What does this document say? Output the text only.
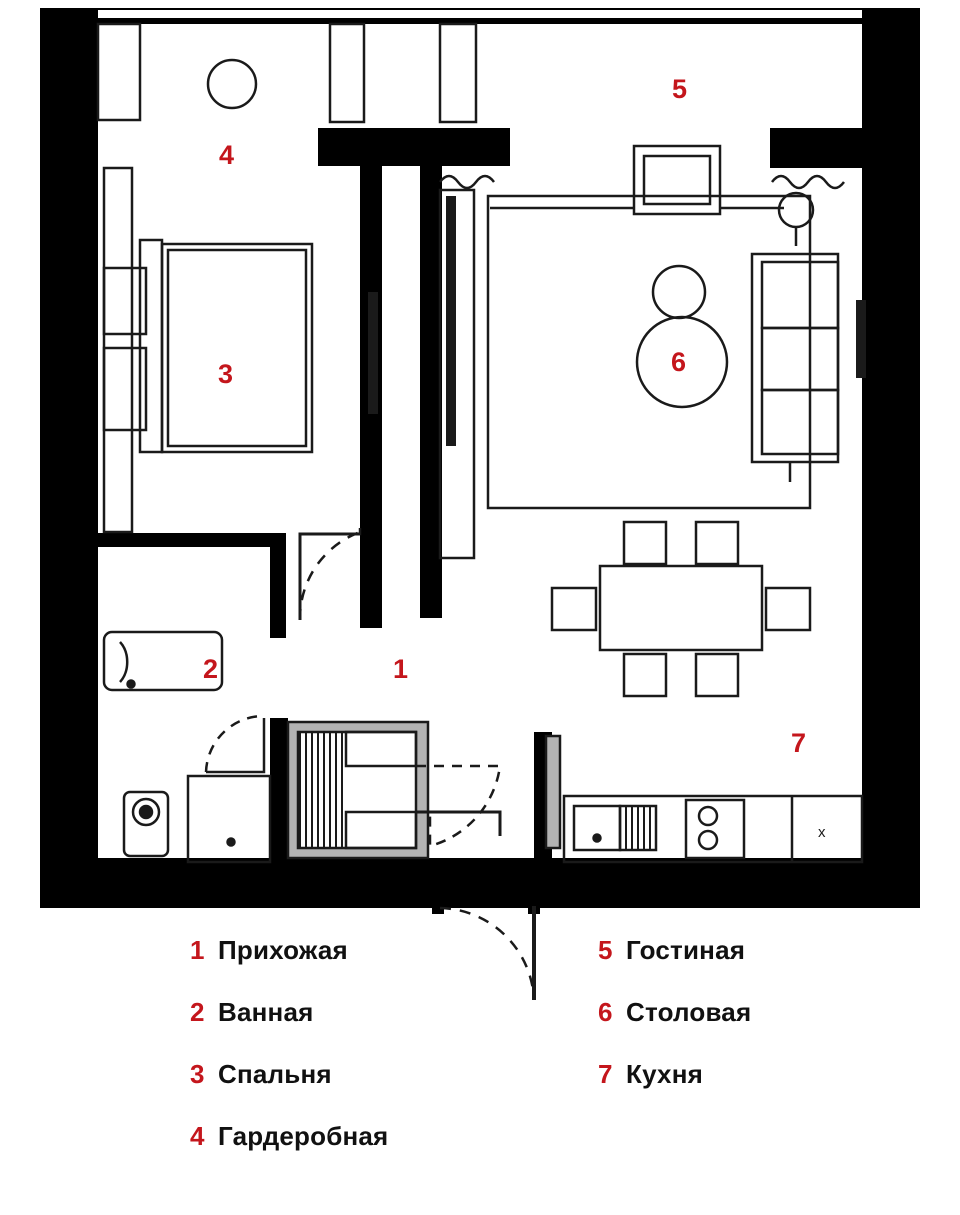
4
5
3	6
2	1
7
x
1 Прихожая
2 Ванная
3 Спальня
4 Гардеробная
5 Гостиная
6 Столовая
7 Кухня
